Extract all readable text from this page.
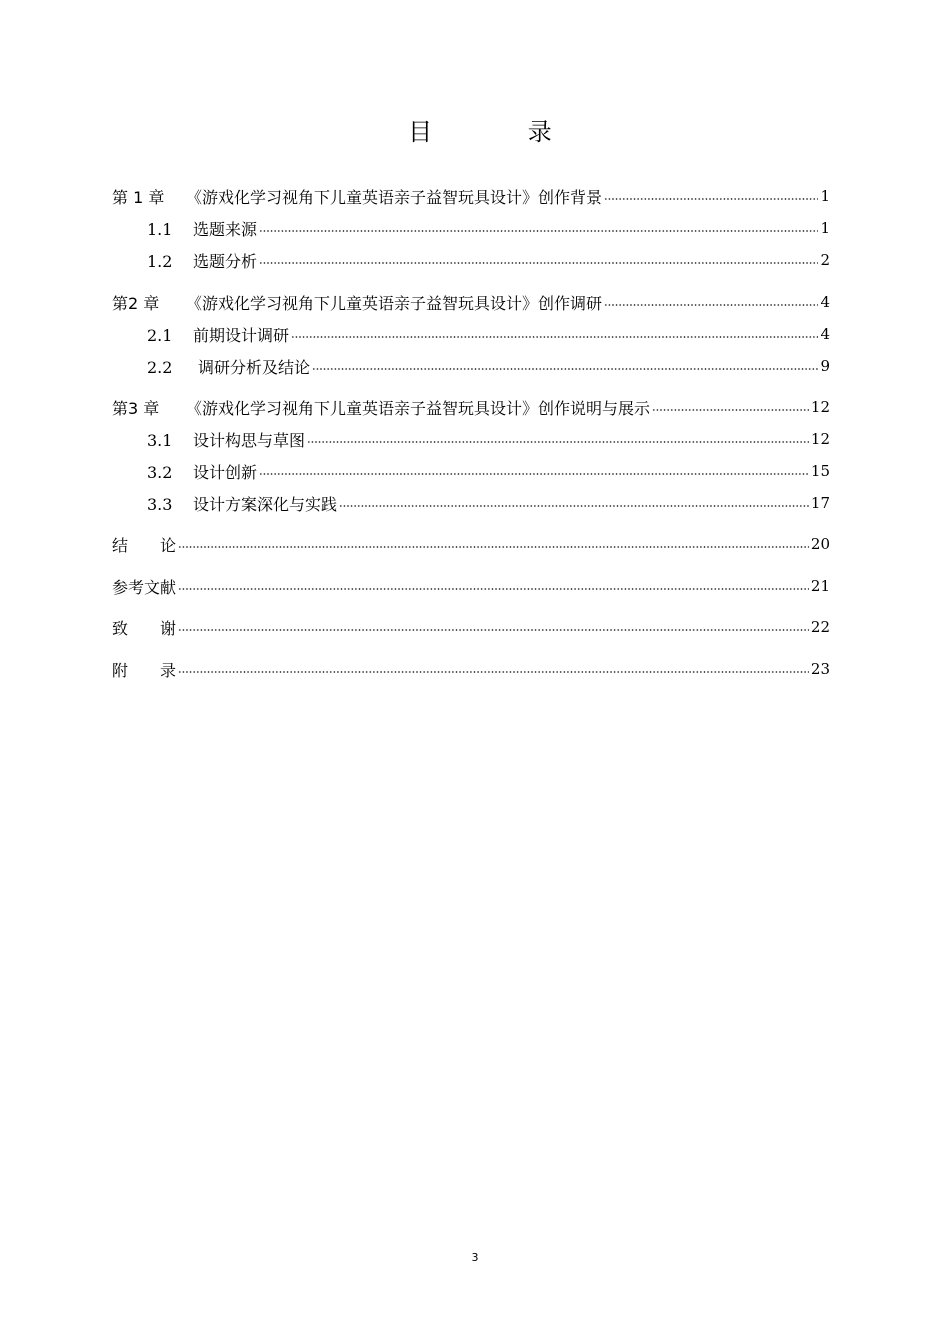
目 录
第 1 章 《游戏化学习视角下儿童英语亲子益智玩具设计》创作背景	1
1.1 选题来源	1
1.2 选题分析	2
第2 章 《游戏化学习视角下儿童英语亲子益智玩具设计》创作调研	4
2.1 前期设计调研	4
2.2 调研分析及结论	9
第3 章 《游戏化学习视角下儿童英语亲子益智玩具设计》创作说明与展示	12
3.1 设计构思与草图	12
3.2 设计创新	15
3.3 设计方案深化与实践	17
结　　论	20
参考文献	21
致　　谢	22
附　　录	23
3
